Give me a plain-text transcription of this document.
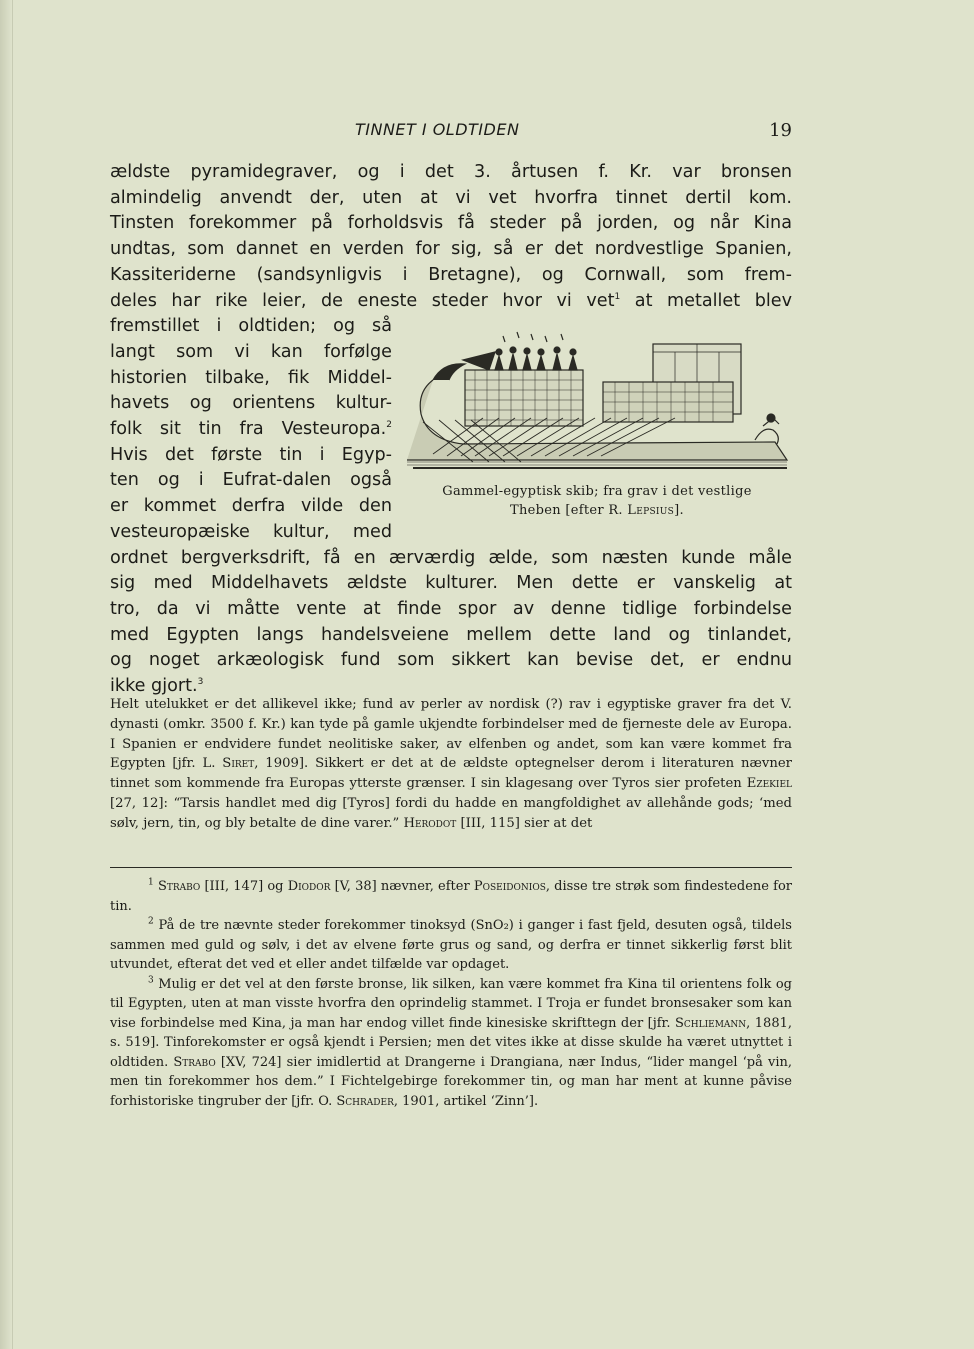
TINNET I OLDTIDEN	19

ældste pyramidegraver, og i det 3. årtusen f. Kr. var bronsen

almindelig anvendt der, uten at vi vet hvorfra tinnet dertil kom.

Tinsten forekommer på forholdsvis få steder på jorden, og når Kina

undtas, som dannet en verden for sig, så er det nordvestlige Spanien,

Kassiteriderne (sandsynligvis i Bretagne), og Cornwall, som frem-

deles har rike leier, de eneste steder hvor vi vet$^1$ at metallet blev

fremstillet i oldtiden; og så

langt som vi kan forfølge

historien tilbake, fik Middel-

havets og orientens kultur-

folk sit tin fra Vesteuropa.$^2$

Hvis det første tin i Egyp-

ten og i Eufrat-dalen også

er kommet derfra vilde den

vesteuropæiske kultur, med

ordnet bergverksdrift, få en ærværdig ælde, som næsten kunde måle

sig med Middelhavets ældste kulturer. Men dette er vanskelig at

tro, da vi måtte vente at finde spor av denne tidlige forbindelse

med Egypten langs handelsveiene mellem dette land og tinlandet,

og noget arkæologisk fund som sikkert kan bevise det, er endnu

ikke gjort.$^3$

Gammel-egyptisk skib; fra grav i det vestlige
Theben [efter R. Lepsius].

Helt utelukket er det allikevel ikke; fund av perler av nordisk (?) rav i egyptiske graver fra det V. dynasti (omkr. 3500 f. Kr.) kan tyde på gamle ukjendte forbindelser med de fjerneste dele av Europa. I Spanien er endvidere fundet neolitiske saker, av elfenben og andet, som kan være kommet fra Egypten [jfr. L. Siret, 1909]. Sikkert er det at de ældste optegnelser derom i literaturen nævner tinnet som kommende fra Europas ytterste grænser. I sin klagesang over Tyros sier profeten Ezekiel [27, 12]: “Tarsis handlet med dig [Tyros] fordi du hadde en mangfoldighet av allehånde gods; ‘med sølv, jern, tin, og bly betalte de dine varer.” Herodot [III, 115] sier at det

$^1$ Strabo [III, 147] og Diodor [V, 38] nævner, efter Poseidonios, disse tre strøk som findestedene for tin.

$^2$ På de tre nævnte steder forekommer tinoksyd (SnO₂) i ganger i fast fjeld, desuten også, tildels sammen med guld og sølv, i det av elvene førte grus og sand, og derfra er tinnet sikkerlig først blit utvundet, efterat det ved et eller andet tilfælde var opdaget.

$^3$ Mulig er det vel at den første bronse, lik silken, kan være kommet fra Kina til orientens folk og til Egypten, uten at man visste hvorfra den oprindelig stammet. I Troja er fundet bronsesaker som kan vise forbindelse med Kina, ja man har endog villet finde kinesiske skrifttegn der [jfr. Schliemann, 1881, s. 519]. Tinforekomster er også kjendt i Persien; men det vites ikke at disse skulde ha været utnyttet i oldtiden. Strabo [XV, 724] sier imidlertid at Drangerne i Drangiana, nær Indus, “lider mangel ‘på vin, men tin forekommer hos dem.” I Fichtelgebirge forekommer tin, og man har ment at kunne påvise forhistoriske tingruber der [jfr. O. Schrader, 1901, artikel ‘Zinn’].
